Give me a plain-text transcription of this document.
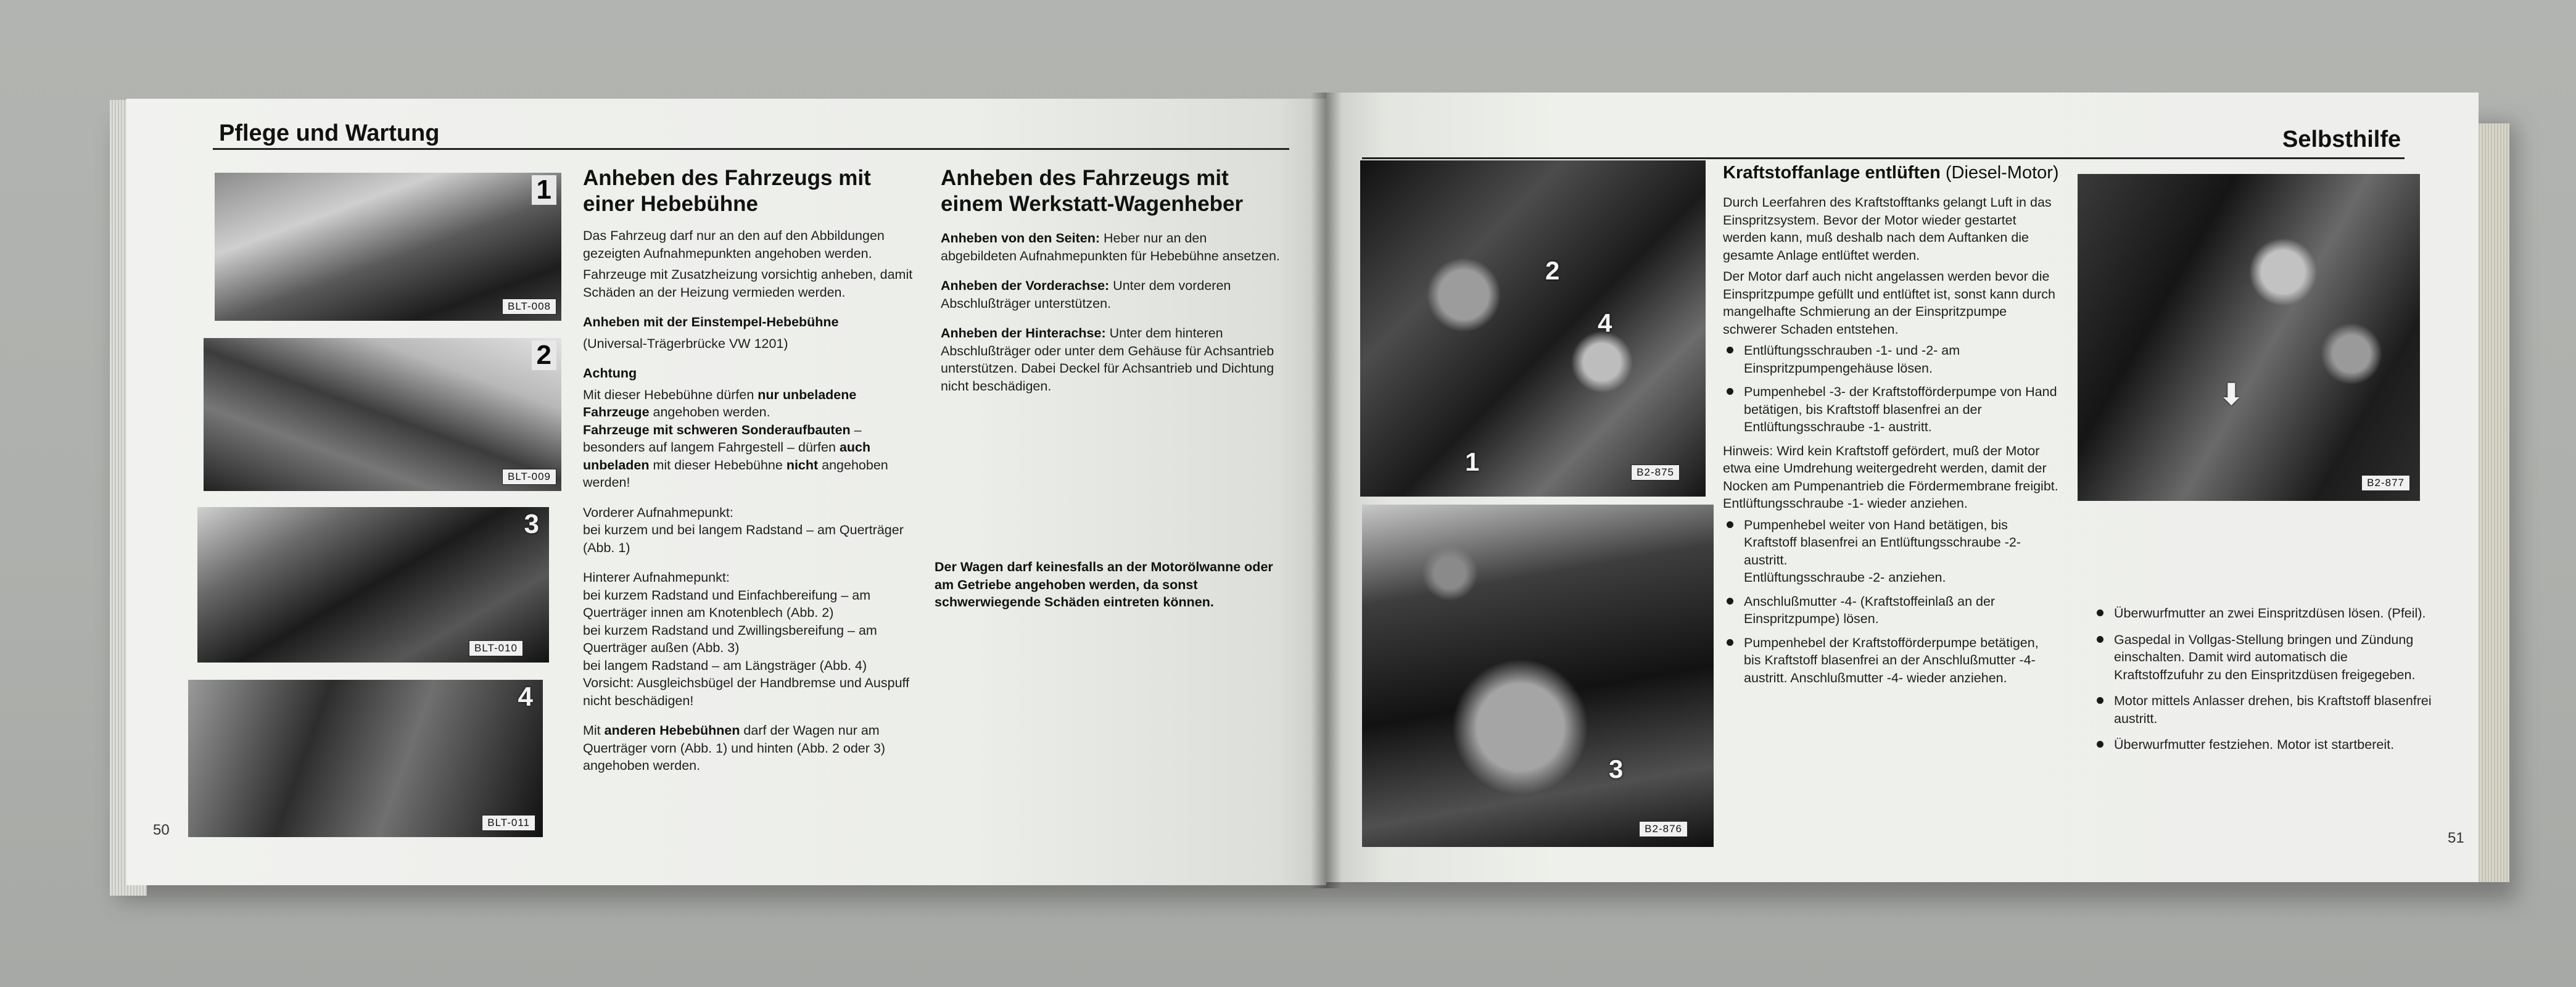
Pflege und Wartung
50
1
BLT-008
2
BLT-009
3
BLT-010
4
BLT-011
Anheben des Fahrzeugs mit einer Hebebühne

Das Fahrzeug darf nur an den auf den Abbildungen gezeigten Aufnahmepunkten angehoben werden.

Fahrzeuge mit Zusatzheizung vorsichtig anheben, damit Schäden an der Heizung vermieden werden.

Anheben mit der Einstempel-Hebebühne

(Universal-Trägerbrücke VW 1201)

Achtung

Mit dieser Hebebühne dürfen nur unbeladene Fahrzeuge angehoben werden.
Fahrzeuge mit schweren Sonderaufbauten – besonders auf langem Fahrgestell – dürfen auch unbeladen mit dieser Hebebühne nicht angehoben werden!

Vorderer Aufnahmepunkt:
bei kurzem und bei langem Radstand – am Querträger (Abb. 1)

Hinterer Aufnahmepunkt:
bei kurzem Radstand und Einfachbereifung – am Querträger innen am Knotenblech (Abb. 2)
bei kurzem Radstand und Zwillingsbereifung – am Querträger außen (Abb. 3)
bei langem Radstand – am Längsträger (Abb. 4)
Vorsicht: Ausgleichsbügel der Handbremse und Auspuff nicht beschädigen!

Mit anderen Hebebühnen darf der Wagen nur am Querträger vorn (Abb. 1) und hinten (Abb. 2 oder 3) angehoben werden.

Anheben des Fahrzeugs mit einem Werkstatt-Wagenheber

Anheben von den Seiten: Heber nur an den abgebildeten Aufnahmepunkten für Hebebühne ansetzen.

Anheben der Vorderachse: Unter dem vorderen Abschlußträger unterstützen.

Anheben der Hinterachse: Unter dem hinteren Abschlußträger oder unter dem Gehäuse für Achsantrieb unterstützen. Dabei Deckel für Achsantrieb und Dichtung nicht beschädigen.

Der Wagen darf keinesfalls an der Motorölwanne oder am Getriebe angehoben werden, da sonst schwerwiegende Schäden eintreten können.

Selbsthilfe
51
2
4
1	B2-875
3
B2-876
⬇
B2-877
Kraftstoffanlage entlüften (Diesel-Motor)

Durch Leerfahren des Kraftstofftanks gelangt Luft in das Einspritzsystem. Bevor der Motor wieder gestartet werden kann, muß deshalb nach dem Auftanken die gesamte Anlage entlüftet werden.

Der Motor darf auch nicht angelassen werden bevor die Einspritzpumpe gefüllt und entlüftet ist, sonst kann durch mangelhafte Schmierung an der Einspritzpumpe schwerer Schaden entstehen.

Entlüftungsschrauben -1- und -2- am Einspritzpumpengehäuse lösen.
Pumpenhebel -3- der Kraftstofförderpumpe von Hand betätigen, bis Kraftstoff blasenfrei an der Entlüftungsschraube -1- austritt.

Hinweis: Wird kein Kraftstoff gefördert, muß der Motor etwa eine Umdrehung weitergedreht werden, damit der Nocken am Pumpenantrieb die Fördermembrane freigibt.
Entlüftungsschraube -1- wieder anziehen.

Pumpenhebel weiter von Hand betätigen, bis Kraftstoff blasenfrei an Entlüftungsschraube -2- austritt.
Entlüftungsschraube -2- anziehen.
Anschlußmutter -4- (Kraftstoffeinlaß an der Einspritzpumpe) lösen.
Pumpenhebel der Kraftstofförderpumpe betätigen, bis Kraftstoff blasenfrei an der Anschlußmutter -4- austritt. Anschlußmutter -4- wieder anziehen.
Überwurfmutter an zwei Einspritzdüsen lösen. (Pfeil).
Gaspedal in Vollgas-Stellung bringen und Zündung einschalten. Damit wird automatisch die Kraftstoffzufuhr zu den Einspritzdüsen freigegeben.
Motor mittels Anlasser drehen, bis Kraftstoff blasenfrei austritt.
Überwurfmutter festziehen. Motor ist startbereit.
